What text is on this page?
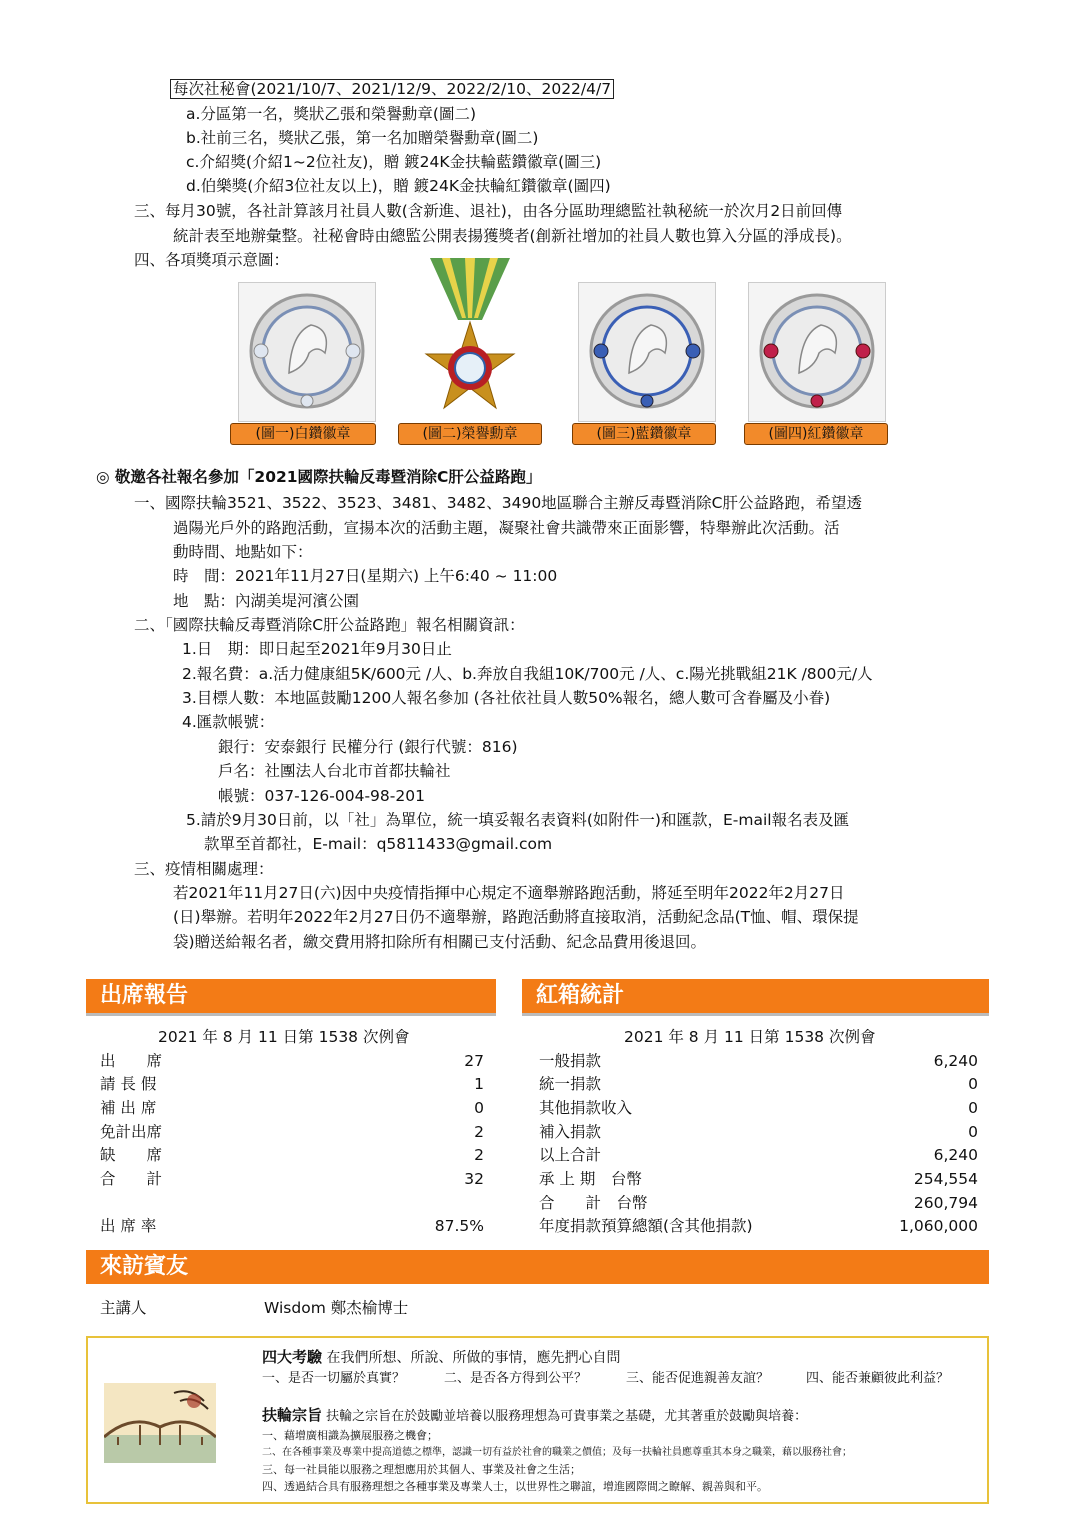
每次社秘會(2021/10/7、2021/12/9、2022/2/10、2022/4/7
a.分區第一名，獎狀乙張和榮譽勳章(圖二)
b.社前三名，獎狀乙張，第一名加贈榮譽勳章(圖二)
c.介紹獎(介紹1~2位社友)，贈 鍍24K金扶輪藍鑽徽章(圖三)
d.伯樂獎(介紹3位社友以上)，贈 鍍24K金扶輪紅鑽徽章(圖四)
三、每月30號，各社計算該月社員人數(含新進、退社)，由各分區助理總監社執秘統一於次月2日前回傳
統計表至地辦彙整。社秘會時由總監公開表揚獲獎者(創新社增加的社員人數也算入分區的淨成長)。
四、各項獎項示意圖：
(圖一)白鑽徽章	(圖二)榮譽勳章	(圖三)藍鑽徽章	(圖四)紅鑽徽章
◎ 敬邀各社報名參加「2021國際扶輪反毒暨消除C肝公益路跑」
一、國際扶輪3521、3522、3523、3481、3482、3490地區聯合主辦反毒暨消除C肝公益路跑，希望透
過陽光戶外的路跑活動，宣揚本次的活動主題，凝聚社會共識帶來正面影響，特舉辦此次活動。活
動時間、地點如下：
時　間：2021年11月27日(星期六) 上午6:40 ~ 11:00
地　點：內湖美堤河濱公園
二、「國際扶輪反毒暨消除C肝公益路跑」報名相關資訊：
1.日　期：即日起至2021年9月30日止
2.報名費：a.活力健康組5K/600元 /人、b.奔放自我組10K/700元 /人、c.陽光挑戰組21K /800元/人
3.目標人數：本地區鼓勵1200人報名參加 (各社依社員人數50%報名，總人數可含眷屬及小眷)
4.匯款帳號：
銀行：安泰銀行 民權分行 (銀行代號：816)
戶名：社團法人台北市首都扶輪社
帳號：037-126-004-98-201
5.請於9月30日前，以「社」為單位，統一填妥報名表資料(如附件一)和匯款，E-mail報名表及匯
款單至首都社，E-mail：q5811433@gmail.com
三、疫情相關處理：
若2021年11月27日(六)因中央疫情指揮中心規定不適舉辦路跑活動，將延至明年2022年2月27日
(日)舉辦。若明年2022年2月27日仍不適舉辦，路跑活動將直接取消，活動紀念品(T恤、帽、環保提
袋)贈送給報名者，繳交費用將扣除所有相關已支付活動、紀念品費用後退回。
出席報告	紅箱統計
2021 年 8 月 11 日第 1538 次例會	2021 年 8 月 11 日第 1538 次例會
出　　席	27
請 長 假	1
補 出 席	0
免計出席	2
缺　　席	2
合　　計	32
出 席 率	87.5%
一般捐款	6,240
統一捐款	0
其他捐款收入	0
補入捐款	0
以上合計	6,240
承 上 期　台幣	254,554
合　　計　台幣	260,794
年度捐款預算總額(含其他捐款)	1,060,000
來訪賓友
主講人	Wisdom 鄭杰榆博士
四大考驗 在我們所想、所說、所做的事情，應先捫心自問
一、是否一切屬於真實？	二、是否各方得到公平？	三、能否促進親善友誼？	四、能否兼顧彼此利益？
扶輪宗旨 扶輪之宗旨在於鼓勵並培養以服務理想為可貴事業之基礎，尤其著重於鼓勵與培養：
一、藉增廣相識為擴展服務之機會；
二、在各種事業及專業中提高道德之標準，認識一切有益於社會的職業之價值；及每一扶輪社員應尊重其本身之職業，藉以服務社會；
三、每一社員能以服務之理想應用於其個人、事業及社會之生活；
四、透過結合具有服務理想之各種事業及專業人士，以世界性之聯誼，增進國際間之瞭解、親善與和平。
